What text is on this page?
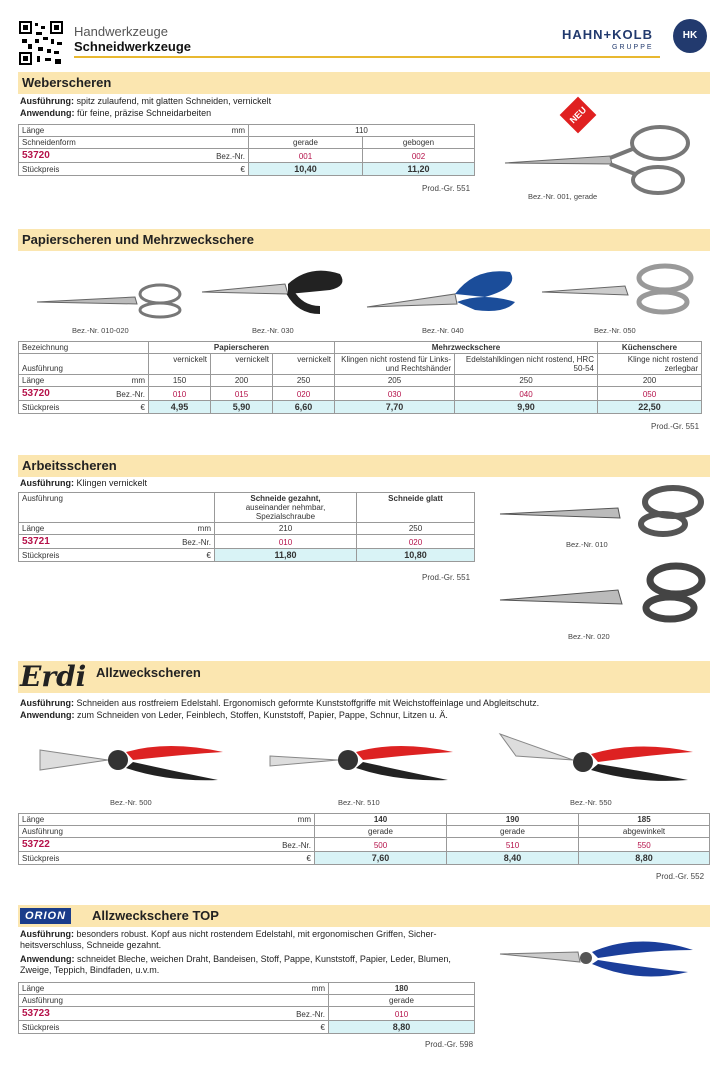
Handwerkzeuge
Schneidwerkzeuge
HAHN+KOLB
GRUPPE
HK
Weberscheren
Ausführung: spitz zulaufend, mit glatten Schneiden, vernickelt
Anwendung: für feine, präzise Schneidarbeiten
Länge	mm	110	
Schneidenform		gerade	gebogen
53720	Bez.-Nr.	001	002
Stückpreis	€	10,40	11,20
Prod.-Gr. 551
NEU
Bez.-Nr. 001, gerade
Papierscheren und Mehrzweckschere
Bez.-Nr. 010-020	Bez.-Nr. 030	Bez.-Nr. 040	Bez.-Nr. 050
Bezeichnung		Papierscheren			Mehrzweckschere		Küchenschere
Ausführung		vernickelt	vernickelt	vernickelt	Klingen nicht rostend für Links- und Rechtshänder	Edelstahlklingen nicht rostend, HRC 50-54	Klinge nicht rostend zerlegbar
Länge	mm	150	200	250	205	250	200
53720	Bez.-Nr.	010	015	020	030	040	050
Stückpreis	€	4,95	5,90	6,60	7,70	9,90	22,50
Prod.-Gr. 551
Arbeitsscheren
Ausführung: Klingen vernickelt
Ausführung		Schneide gezahnt,
auseinander nehmbar, Spezialschraube	Schneide glatt
Länge	mm	210	250
53721	Bez.-Nr.	010	020
Stückpreis	€	11,80	10,80
Prod.-Gr. 551
Bez.-Nr. 010
Bez.-Nr. 020
Allzweckscheren
Erdi
Ausführung: Schneiden aus rostfreiem Edelstahl. Ergonomisch geformte Kunststoffgriffe mit Weichstoffeinlage und Abgleitschutz.
Anwendung: zum Schneiden von Leder, Feinblech, Stoffen, Kunststoff, Papier, Pappe, Schnur, Litzen u. Ä.
Bez.-Nr. 500	Bez.-Nr. 510	Bez.-Nr. 550
Länge	mm	140	190	185
Ausführung		gerade	gerade	abgewinkelt
53722	Bez.-Nr.	500	510	550
Stückpreis	€	7,60	8,40	8,80
Prod.-Gr. 552
Allzweckschere TOP
ORION
Ausführung: besonders robust. Kopf aus nicht rostendem Edelstahl, mit ergonomischen Griffen, Sicher-
heitsverschluss, Schneide gezahnt.
Anwendung: schneidet Bleche, weichen Draht, Bandeisen, Stoff, Pappe, Kunststoff, Papier, Leder, Blumen,
Zweige, Teppich, Bindfaden, u.v.m.
Länge	mm	180
Ausführung		gerade
53723	Bez.-Nr.	010
Stückpreis	€	8,80
Prod.-Gr. 598
